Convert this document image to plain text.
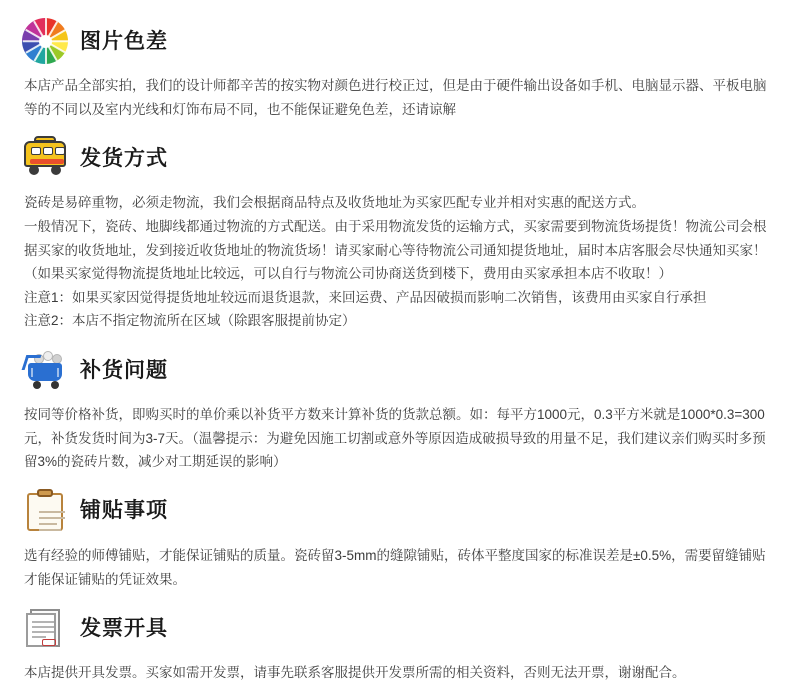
图片色差

本店产品全部实拍，我们的设计师都辛苦的按实物对颜色进行校正过，但是由于硬件输出设备如手机、电脑显示器、平板电脑等的不同以及室内光线和灯饰布局不同，也不能保证避免色差，还请谅解

发货方式

瓷砖是易碎重物，必须走物流，我们会根据商品特点及收货地址为买家匹配专业并相对实惠的配送方式。

一般情况下，瓷砖、地脚线都通过物流的方式配送。由于采用物流发货的运输方式，买家需要到物流货场提货！物流公司会根据买家的收货地址，发到接近收货地址的物流货场！请买家耐心等待物流公司通知提货地址，届时本店客服会尽快通知买家！（如果买家觉得物流提货地址比较远，可以自行与物流公司协商送货到楼下，费用由买家承担本店不收取！）

注意1：如果买家因觉得提货地址较远而退货退款，来回运费、产品因破损而影响二次销售，该费用由买家自行承担

注意2：本店不指定物流所在区域（除跟客服提前协定）

补货问题

按同等价格补货，即购买时的单价乘以补货平方数来计算补货的货款总额。如：每平方1000元，0.3平方米就是1000*0.3=300元，补货发货时间为3-7天。（温馨提示：为避免因施工切割或意外等原因造成破损导致的用量不足，我们建议亲们购买时多预留3%的瓷砖片数，减少对工期延误的影响）

铺贴事项

选有经验的师傅铺贴，才能保证铺贴的质量。瓷砖留3-5mm的缝隙铺贴，砖体平整度国家的标准误差是±0.5%，需要留缝铺贴才能保证铺贴的凭证效果。

发票开具

本店提供开具发票。买家如需开发票，请事先联系客服提供开发票所需的相关资料，否则无法开票，谢谢配合。
